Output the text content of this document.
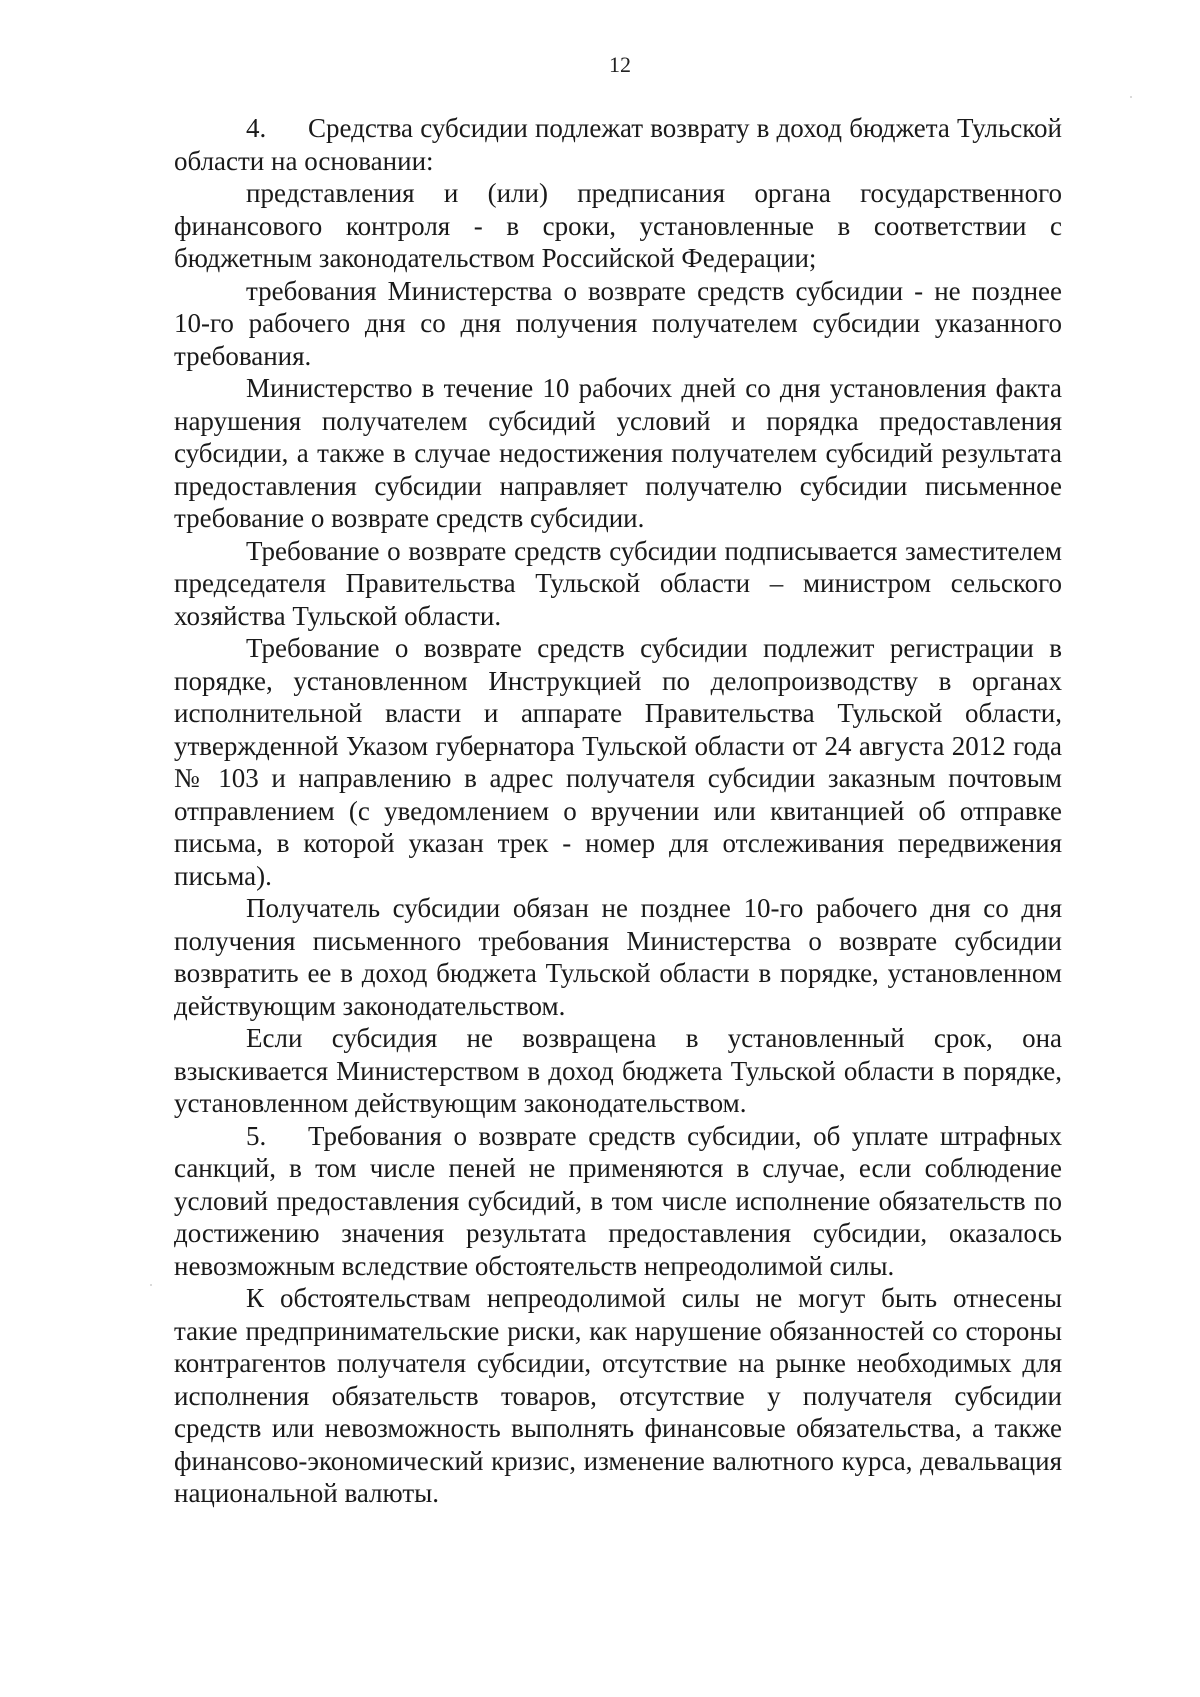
12

4. Средства субсидии подлежат возврату в доход бюджета Тульской области на основании:

представления и (или) предписания органа государственного финансового контроля - в сроки, установленные в соответствии с бюджетным законодательством Российской Федерации;

требования Министерства о возврате средств субсидии - не позднее 10-го рабочего дня со дня получения получателем субсидии указанного требования.

Министерство в течение 10 рабочих дней со дня установления факта нарушения получателем субсидий условий и порядка предоставления субсидии, а также в случае недостижения получателем субсидий результата предоставления субсидии направляет получателю субсидии письменное требование о возврате средств субсидии.

Требование о возврате средств субсидии подписывается заместителем председателя Правительства Тульской области – министром сельского хозяйства Тульской области.

Требование о возврате средств субсидии подлежит регистрации в порядке, установленном Инструкцией по делопроизводству в органах исполнительной власти и аппарате Правительства Тульской области, утвержденной Указом губернатора Тульской области от 24 августа 2012 года № 103 и направлению в адрес получателя субсидии заказным почтовым отправлением (с уведомлением о вручении или квитанцией об отправке письма, в которой указан трек - номер для отслеживания передвижения письма).

Получатель субсидии обязан не позднее 10-го рабочего дня со дня получения письменного требования Министерства о возврате субсидии возвратить ее в доход бюджета Тульской области в порядке, установленном действующим законодательством.

Если субсидия не возвращена в установленный срок, она взыскивается Министерством в доход бюджета Тульской области в порядке, установленном действующим законодательством.

5. Требования о возврате средств субсидии, об уплате штрафных санкций, в том числе пеней не применяются в случае, если соблюдение условий предоставления субсидий, в том числе исполнение обязательств по достижению значения результата предоставления субсидии, оказалось невозможным вследствие обстоятельств непреодолимой силы.

К обстоятельствам непреодолимой силы не могут быть отнесены такие предпринимательские риски, как нарушение обязанностей со стороны контрагентов получателя субсидии, отсутствие на рынке необходимых для исполнения обязательств товаров, отсутствие у получателя субсидии средств или невозможность выполнять финансовые обязательства, а также финансово-экономический кризис, изменение валютного курса, девальвация национальной валюты.
